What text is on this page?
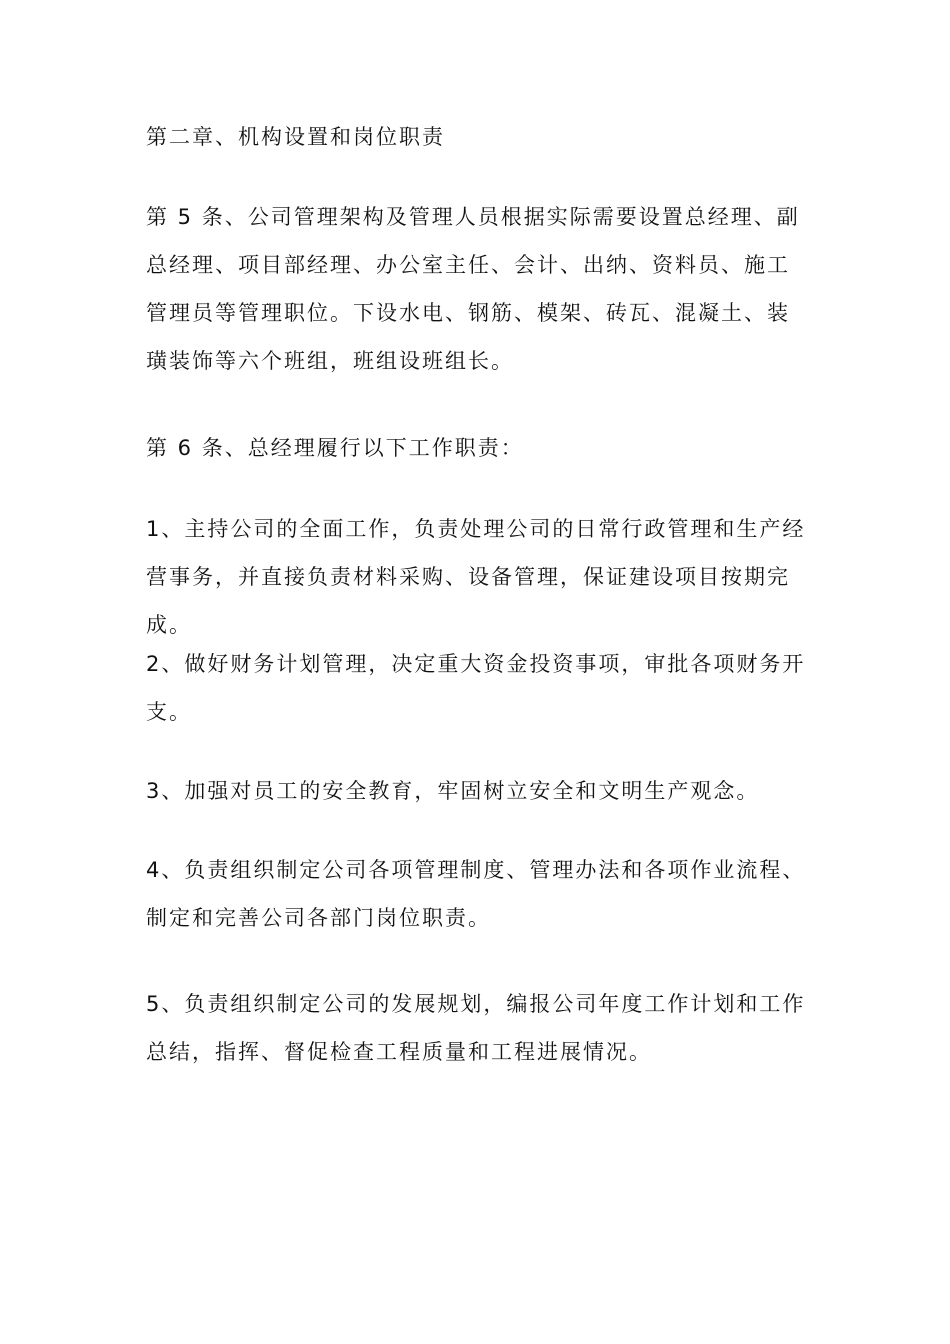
第二章、机构设置和岗位职责

第 5 条、公司管理架构及管理人员根据实际需要设置总经理、副总经理、项目部经理、办公室主任、会计、出纳、资料员、施工管理员等管理职位。下设水电、钢筋、模架、砖瓦、混凝土、装璜装饰等六个班组，班组设班组长。

第 6 条、总经理履行以下工作职责：

1、主持公司的全面工作，负责处理公司的日常行政管理和生产经营事务，并直接负责材料采购、设备管理，保证建设项目按期完成。

2、做好财务计划管理，决定重大资金投资事项，审批各项财务开支。

3、加强对员工的安全教育，牢固树立安全和文明生产观念。

4、负责组织制定公司各项管理制度、管理办法和各项作业流程、制定和完善公司各部门岗位职责。

5、负责组织制定公司的发展规划，编报公司年度工作计划和工作总结，指挥、督促检查工程质量和工程进展情况。
